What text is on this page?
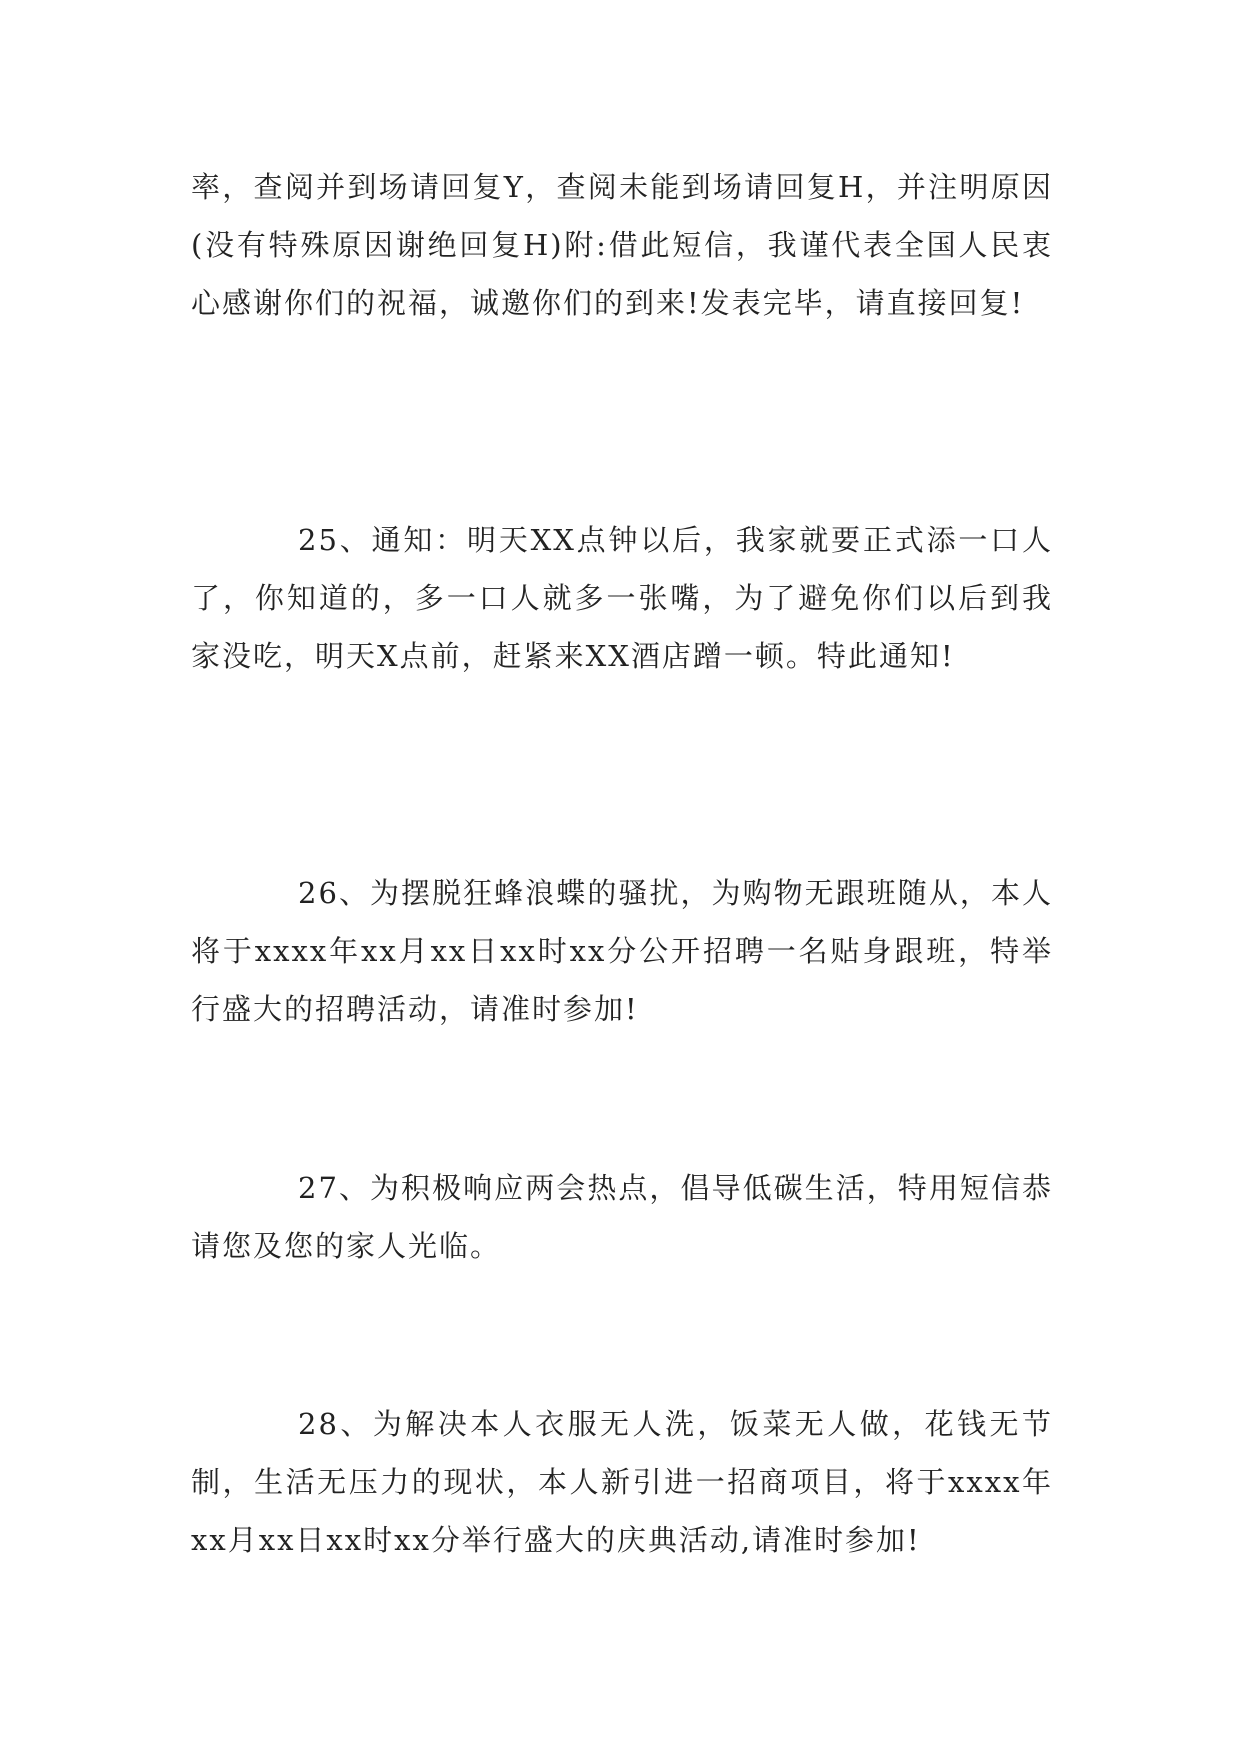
率，查阅并到场请回复Y，查阅未能到场请回复H，并注明原因(没有特殊原因谢绝回复H)附:借此短信，我谨代表全国人民衷心感谢你们的祝福，诚邀你们的到来!发表完毕，请直接回复!

25、通知：明天XX点钟以后，我家就要正式添一口人了，你知道的，多一口人就多一张嘴，为了避免你们以后到我家没吃，明天X点前，赶紧来XX酒店蹭一顿。特此通知!

26、为摆脱狂蜂浪蝶的骚扰，为购物无跟班随从，本人将于xxxx年xx月xx日xx时xx分公开招聘一名贴身跟班，特举行盛大的招聘活动，请准时参加!

27、为积极响应两会热点，倡导低碳生活，特用短信恭请您及您的家人光临。

28、为解决本人衣服无人洗，饭菜无人做，花钱无节制，生活无压力的现状，本人新引进一招商项目，将于xxxx年xx月xx日xx时xx分举行盛大的庆典活动,请准时参加!
